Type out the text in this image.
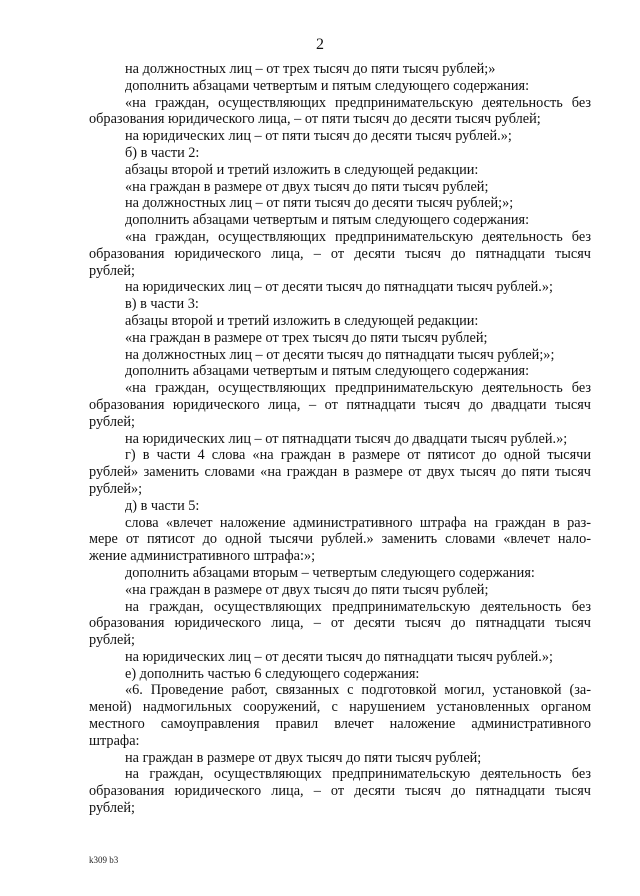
2
на должностных лиц – от трех тысяч до пяти тысяч рублей;»
дополнить абзацами четвертым и пятым следующего содержания:
«на граждан, осуществляющих предпринимательскую деятельность без
образования юридического лица, – от пяти тысяч до десяти тысяч рублей;
на юридических лиц – от пяти тысяч до десяти тысяч рублей.»;
б) в части 2:
абзацы второй и третий изложить в следующей редакции:
«на граждан в размере от двух тысяч до пяти тысяч рублей;
на должностных лиц – от пяти тысяч до десяти тысяч рублей;»;
дополнить абзацами четвертым и пятым следующего содержания:
«на граждан, осуществляющих предпринимательскую деятельность без
образования юридического лица, – от десяти тысяч до пятнадцати тысяч
рублей;
на юридических лиц – от десяти тысяч до пятнадцати тысяч рублей.»;
в) в части 3:
абзацы второй и третий изложить в следующей редакции:
«на граждан в размере от трех тысяч до пяти тысяч рублей;
на должностных лиц – от десяти тысяч до пятнадцати тысяч рублей;»;
дополнить абзацами четвертым и пятым следующего содержания:
«на граждан, осуществляющих предпринимательскую деятельность без
образования юридического лица, – от пятнадцати тысяч до двадцати тысяч
рублей;
на юридических лиц – от пятнадцати тысяч до двадцати тысяч рублей.»;
г) в части 4 слова «на граждан в размере от пятисот до одной тысячи
рублей» заменить словами «на граждан в размере от двух тысяч до пяти тысяч
рублей»;
д) в части 5:
слова «влечет наложение административного штрафа на граждан в раз-
мере от пятисот до одной тысячи рублей.» заменить словами «влечет нало-
жение административного штрафа:»;
дополнить абзацами вторым – четвертым следующего содержания:
«на граждан в размере от двух тысяч до пяти тысяч рублей;
на граждан, осуществляющих предпринимательскую деятельность без
образования юридического лица, – от десяти тысяч до пятнадцати тысяч
рублей;
на юридических лиц – от десяти тысяч до пятнадцати тысяч рублей.»;
е) дополнить частью 6 следующего содержания:
«6. Проведение работ, связанных с подготовкой могил, установкой (за-
меной) надмогильных сооружений, с нарушением установленных органом
местного самоуправления правил влечет наложение административного
штрафа:
на граждан в размере от двух тысяч до пяти тысяч рублей;
на граждан, осуществляющих предпринимательскую деятельность без
образования юридического лица, – от десяти тысяч до пятнадцати тысяч
рублей;
k309 b3
